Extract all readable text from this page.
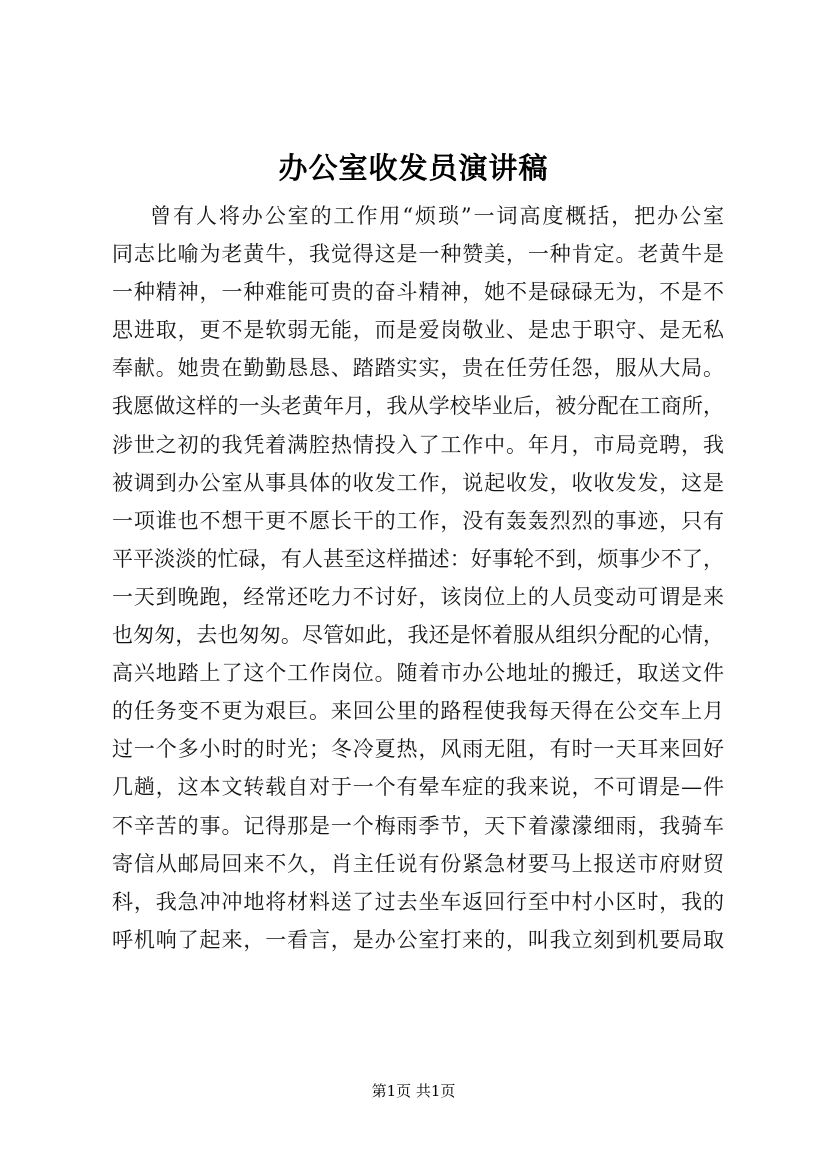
办公室收发员演讲稿
曾有人将办公室的工作用“烦琐”一词高度概括，把办公室
同志比喻为老黄牛，我觉得这是一种赞美，一种肯定。老黄牛是
一种精神，一种难能可贵的奋斗精神，她不是碌碌无为，不是不
思进取，更不是软弱无能，而是爱岗敬业、是忠于职守、是无私
奉献。她贵在勤勤恳恳、踏踏实实，贵在任劳任怨，服从大局。
我愿做这样的一头老黄年月，我从学校毕业后，被分配在工商所，
涉世之初的我凭着满腔热情投入了工作中。年月，市局竞聘，我
被调到办公室从事具体的收发工作，说起收发，收收发发，这是
一项谁也不想干更不愿长干的工作，没有轰轰烈烈的事迹，只有
平平淡淡的忙碌，有人甚至这样描述：好事轮不到，烦事少不了，
一天到晚跑，经常还吃力不讨好，该岗位上的人员变动可谓是来
也匆匆，去也匆匆。尽管如此，我还是怀着服从组织分配的心情，
高兴地踏上了这个工作岗位。随着市办公地址的搬迁，取送文件
的任务变不更为艰巨。来回公里的路程使我每天得在公交车上月
过一个多小时的时光；冬冷夏热，风雨无阻，有时一天耳来回好
几趟，这本文转载自对于一个有晕车症的我来说，不可谓是—件
不辛苦的事。记得那是一个梅雨季节，天下着濛濛细雨，我骑车
寄信从邮局回来不久，肖主任说有份紧急材要马上报送市府财贸
科，我急冲冲地将材料送了过去坐车返回行至中村小区时，我的
呼机响了起来，一看言，是办公室打来的，叫我立刻到机要局取
第1页 共1页
